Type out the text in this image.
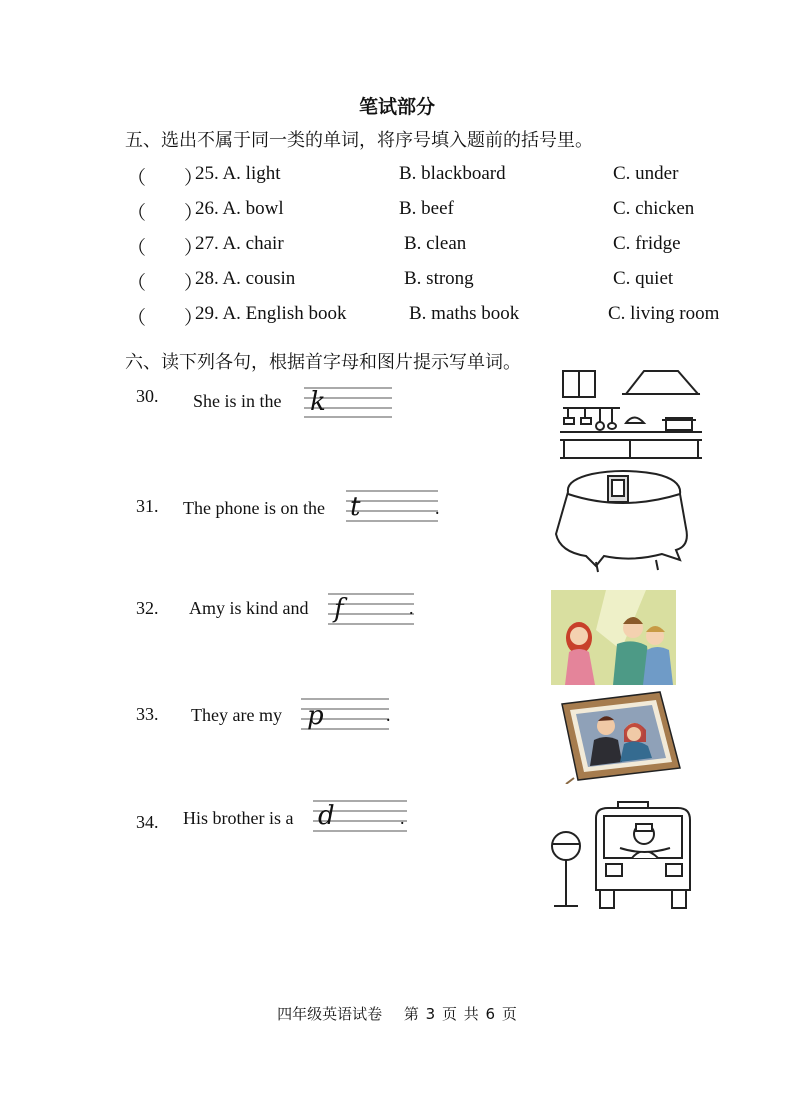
笔试部分
五、选出不属于同一类的单词，将序号填入题前的括号里。
（　　）
25. A. light	B. blackboard	C. under
（　　）
26. A. bowl	B. beef	C. chicken
（　　）
27. A. chair	B. clean	C. fridge
（　　）
28. A. cousin	B. strong	C. quiet
（　　）
29. A. English book	B. maths book	C. living room
六、读下列各句，根据首字母和图片提示写单词。
30. She is in the k
31. The phone is on the t	.
32. Amy is kind and f	.
33. They are my p	.
34. His brother is a d	.
四年级英语试卷　 第 3 页 共 6 页
